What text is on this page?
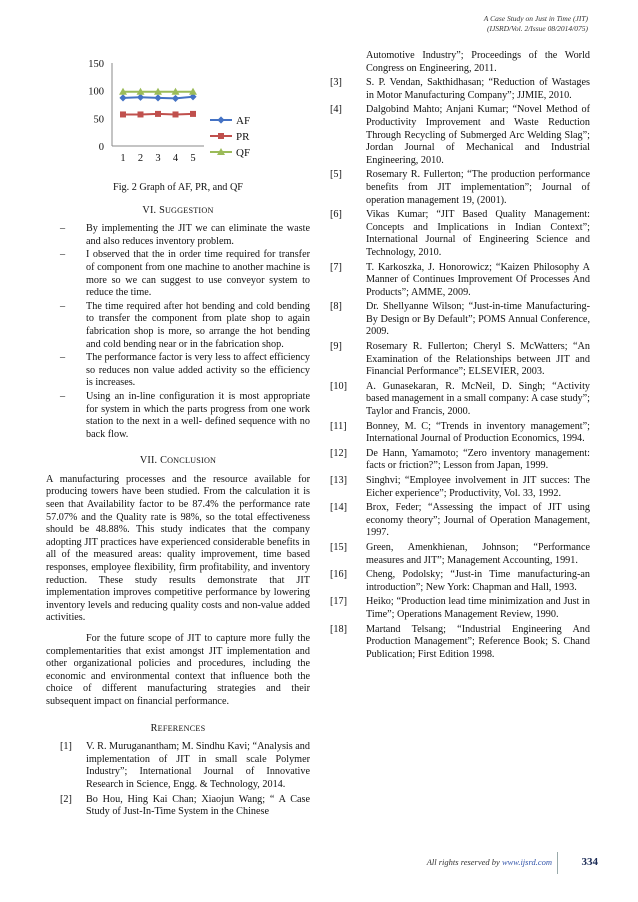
A Case Study on Just in Time (JIT)
(IJSRD/Vol. 2/Issue 08/2014/075)
150
100
50
0
1 2 3 4 5
AF
PR
QF
Fig. 2 Graph of AF, PR, and QF
VI. SUGGESTION
– By implementing the JIT we can eliminate the waste and also reduces inventory problem.
– I observed that the in order time required for transfer of component from one machine to another machine is more so we can suggest to use conveyor system to reduce the time.
– The time required after hot bending and cold bending to transfer the component from plate shop to again fabrication shop is more, so arrange the hot bending and cold bending near or in the fabrication shop.
– The performance factor is very less to affect efficiency so reduces non value added activity so the efficiency is increases.
– Using an in-line configuration it is most appropriate for system in which the parts progress from one work station to the next in a well- defined sequence with no back flow.
VII. CONCLUSION

A manufacturing processes and the resource available for producing towers have been studied. From the calculation it is seen that Availability factor to be 87.4% the performance rate 57.07% and the Quality rate is 98%, so the total effectiveness should be 48.88%. This study indicates that the company adopting JIT practices have experienced considerable benefits in all of the measured areas: quality improvement, time based responses, employee flexibility, firm profitability, and inventory reduction. These study results demonstrate that JIT implementation improves competitive performance by lowering inventory levels and reducing quality costs and non-value added activities.

For the future scope of JIT to capture more fully the complementarities that exist amongst JIT implementation and other organizational policies and procedures, including the economic and environmental context that influence both the choice of different manufacturing strategies and their subsequent impact on financial performance.

REFERENCES
[1] V. R. Muruganantham; M. Sindhu Kavi; “Analysis and implementation of JIT in small scale Polymer Industry”; International Journal of Innovative Research in Science, Engg. & Technology, 2014.
[2] Bo Hou, Hing Kai Chan; Xiaojun Wang; “ A Case Study of Just-In-Time System in the Chinese
Automotive Industry”; Proceedings of the World Congress on Engineering, 2011.
[3] S. P. Vendan, Sakthidhasan; “Reduction of Wastages in Motor Manufacturing Company”; JJMIE, 2010.
[4] Dalgobind Mahto; Anjani Kumar; “Novel Method of Productivity Improvement and Waste Reduction Through Recycling of Submerged Arc Welding Slag”; Jordan Journal of Mechanical and Industrial Engineering, 2010.
[5] Rosemary R. Fullerton; “The production performance benefits from JIT implementation”; Journal of operation management 19, (2001).
[6] Vikas Kumar; “JIT Based Quality Management: Concepts and Implications in Indian Context”; International Journal of Engineering Science and Technology, 2010.
[7] T. Karkoszka, J. Honorowicz; “Kaizen Philosophy A Manner of Continues Improvement Of Processes And Products”; AMME, 2009.
[8] Dr. Shellyanne Wilson; “Just-in-time Manufacturing- By Design or By Default”; POMS Annual Conference, 2009.
[9] Rosemary R. Fullerton; Cheryl S. McWatters; “An Examination of the Relationships between JIT and Financial Performance”; ELSEVIER, 2003.
[10] A. Gunasekaran, R. McNeil, D. Singh; “Activity based management in a small company: A case study”; Taylor and Francis, 2000.
[11] Bonney, M. C; “Trends in inventory management”; International Journal of Production Economics, 1994.
[12] De Hann, Yamamoto; “Zero inventory management: facts or friction?”; Lesson from Japan, 1999.
[13] Singhvi; “Employee involvement in JIT succes: The Eicher experience”; Productivity, Vol. 33, 1992.
[14] Brox, Feder; “Assessing the impact of JIT using economy theory”; Journal of Operation Management, 1997.
[15] Green, Amenkhienan, Johnson; “Performance measures and JIT”; Management Accounting, 1991.
[16] Cheng, Podolsky; “Just-in Time manufacturing-an introduction”; New York: Chapman and Hall, 1993.
[17] Heiko; “Production lead time minimization and Just in Time”; Operations Management Review, 1990.
[18] Martand Telsang; “Industrial Engineering And Production Management”; Reference Book; S. Chand Publication; First Edition 1998.
All rights reserved by www.ijsrd.com	334
